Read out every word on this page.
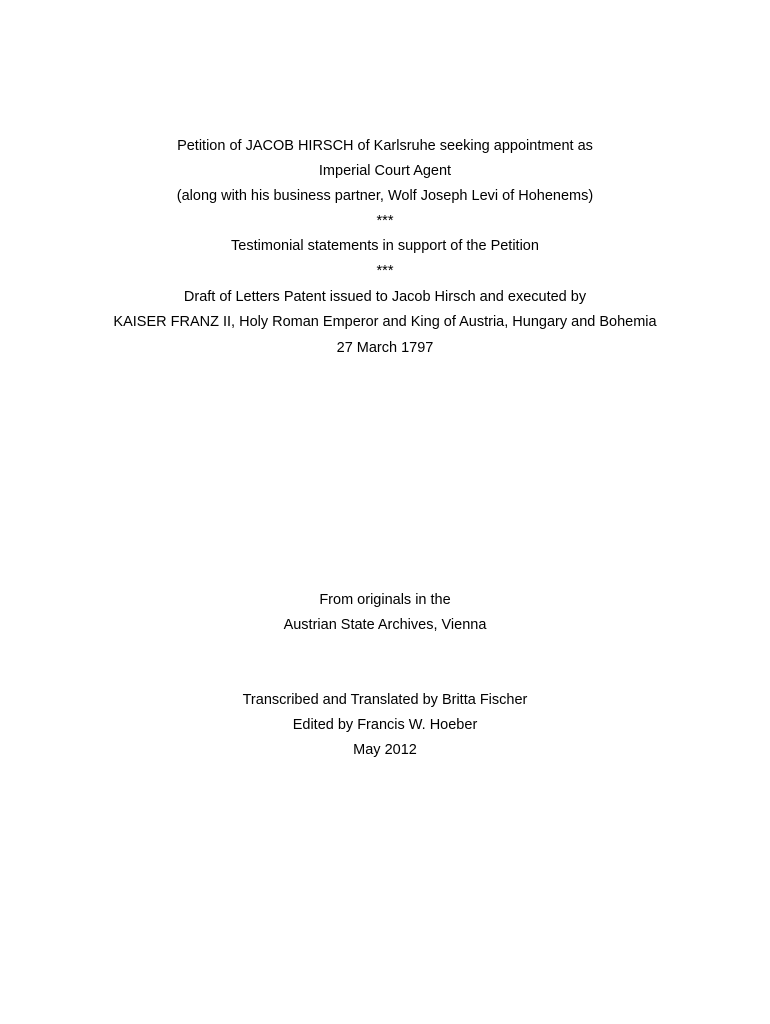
Petition of JACOB HIRSCH of Karlsruhe seeking appointment as
Imperial Court Agent
(along with his business partner, Wolf Joseph Levi of Hohenems)
***
Testimonial statements in support of the Petition
***
Draft of Letters Patent issued to Jacob Hirsch and executed by
KAISER FRANZ II, Holy Roman Emperor and King of Austria, Hungary and Bohemia
27 March 1797
From originals in the
Austrian State Archives, Vienna
Transcribed and Translated by Britta Fischer
Edited by Francis W. Hoeber
May 2012
